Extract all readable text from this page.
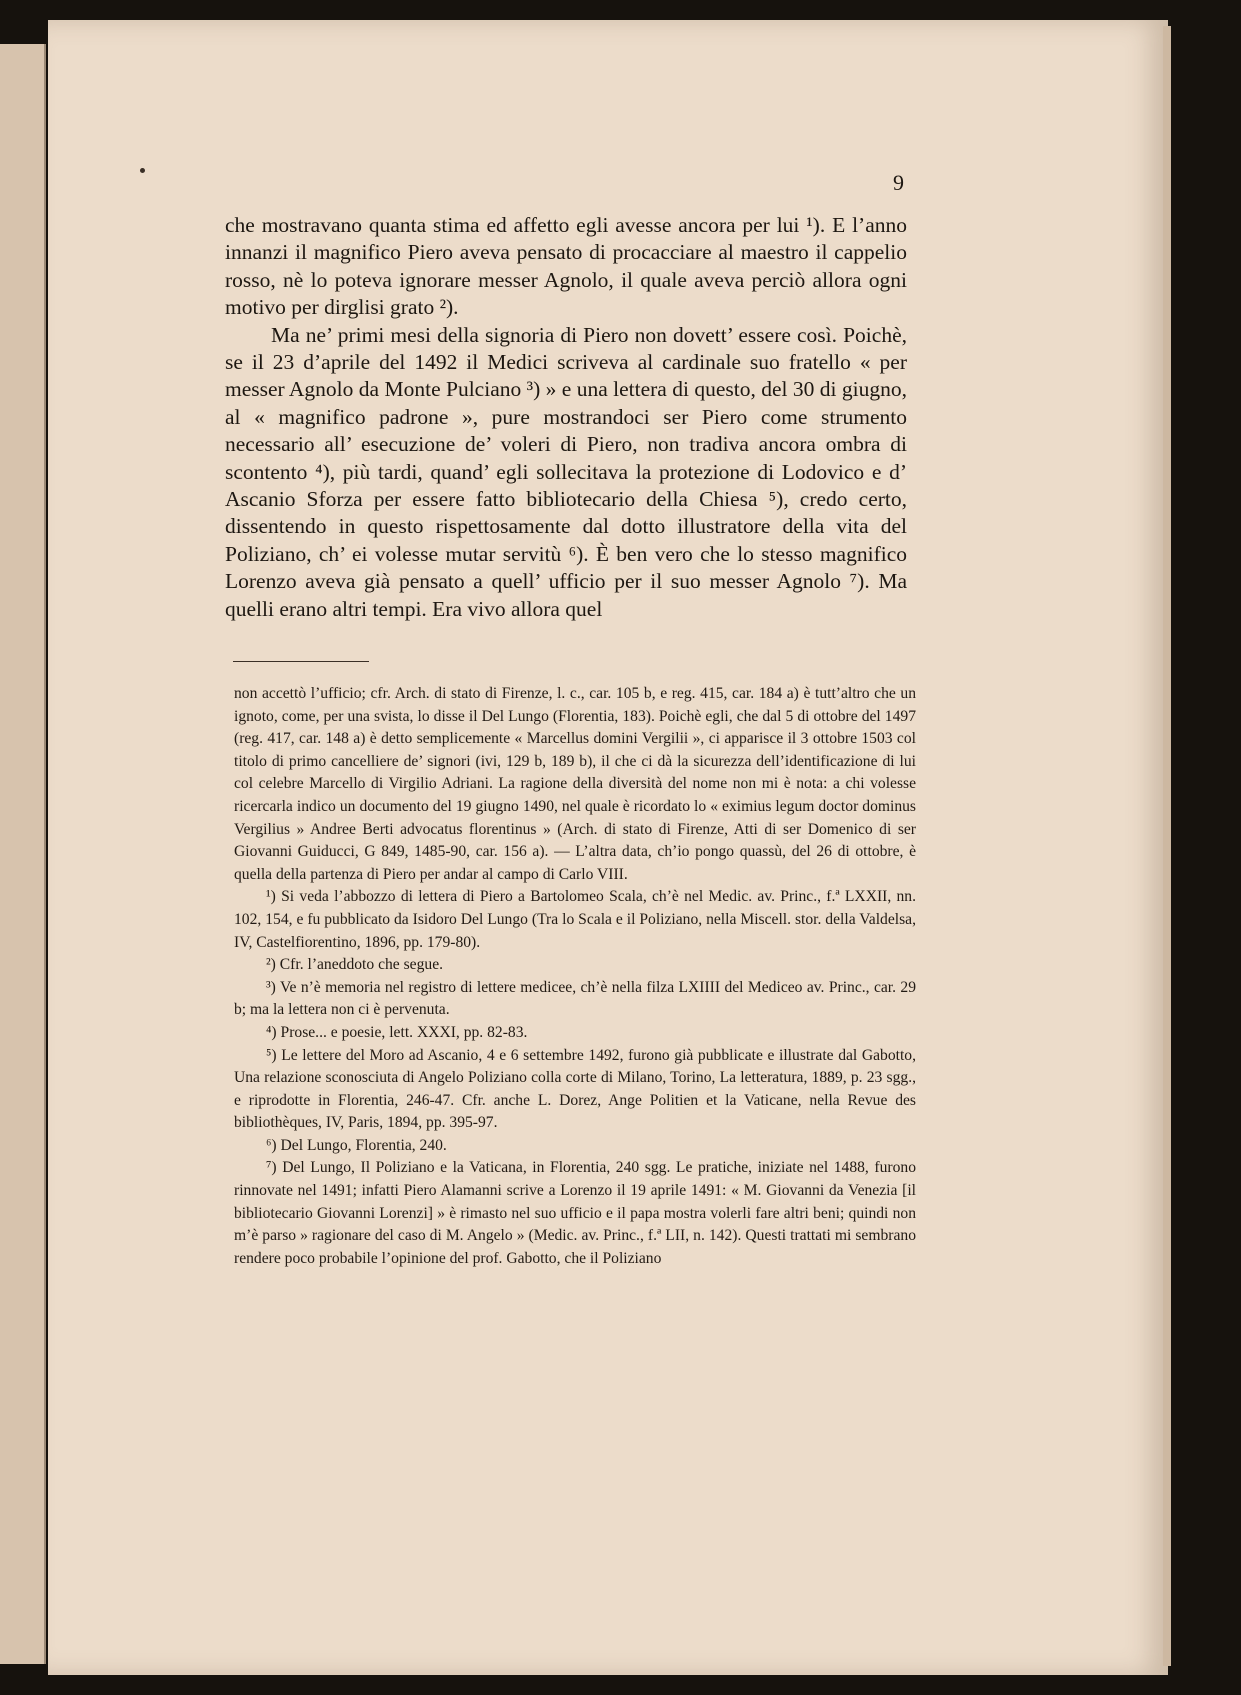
9

che mostravano quanta stima ed affetto egli avesse ancora per lui ¹). E l’anno innanzi il magnifico Piero aveva pensato di procacciare al maestro il cappelio rosso, nè lo poteva ignorare messer Agnolo, il quale aveva perciò allora ogni motivo per dirglisi grato ²).

Ma ne’ primi mesi della signoria di Piero non dovett’ essere così. Poichè, se il 23 d’aprile del 1492 il Medici scriveva al cardinale suo fratello « per messer Agnolo da Monte Pulciano ³) » e una lettera di questo, del 30 di giugno, al « magnifico padrone », pure mostrandoci ser Piero come strumento necessario all’ esecuzione de’ voleri di Piero, non tradiva ancora ombra di scontento ⁴), più tardi, quand’ egli sollecitava la protezione di Lodovico e d’ Ascanio Sforza per essere fatto bibliotecario della Chiesa ⁵), credo certo, dissentendo in questo rispettosamente dal dotto illustratore della vita del Poliziano, ch’ ei volesse mutar servitù ⁶). È ben vero che lo stesso magnifico Lorenzo aveva già pensato a quell’ ufficio per il suo messer Agnolo ⁷). Ma quelli erano altri tempi. Era vivo allora quel

non accettò l’ufficio; cfr. Arch. di stato di Firenze, l. c., car. 105 b, e reg. 415, car. 184 a) è tutt’altro che un ignoto, come, per una svista, lo disse il Del Lungo (Florentia, 183). Poichè egli, che dal 5 di ottobre del 1497 (reg. 417, car. 148 a) è detto semplicemente « Marcellus domini Vergilii », ci apparisce il 3 ottobre 1503 col titolo di primo cancelliere de’ signori (ivi, 129 b, 189 b), il che ci dà la sicurezza dell’identificazione di lui col celebre Marcello di Virgilio Adriani. La ragione della diversità del nome non mi è nota: a chi volesse ricercarla indico un documento del 19 giugno 1490, nel quale è ricordato lo « eximius legum doctor dominus Vergilius » Andree Berti advocatus florentinus » (Arch. di stato di Firenze, Atti di ser Domenico di ser Giovanni Guiducci, G 849, 1485-90, car. 156 a). — L’altra data, ch’io pongo quassù, del 26 di ottobre, è quella della partenza di Piero per andar al campo di Carlo VIII.

¹) Si veda l’abbozzo di lettera di Piero a Bartolomeo Scala, ch’è nel Medic. av. Princ., f.ª LXXII, nn. 102, 154, e fu pubblicato da Isidoro Del Lungo (Tra lo Scala e il Poliziano, nella Miscell. stor. della Valdelsa, IV, Castelfiorentino, 1896, pp. 179-80).

²) Cfr. l’aneddoto che segue.

³) Ve n’è memoria nel registro di lettere medicee, ch’è nella filza LXIIII del Mediceo av. Princ., car. 29 b; ma la lettera non ci è pervenuta.

⁴) Prose... e poesie, lett. XXXI, pp. 82-83.

⁵) Le lettere del Moro ad Ascanio, 4 e 6 settembre 1492, furono già pubblicate e illustrate dal Gabotto, Una relazione sconosciuta di Angelo Poliziano colla corte di Milano, Torino, La letteratura, 1889, p. 23 sgg., e riprodotte in Florentia, 246-47. Cfr. anche L. Dorez, Ange Politien et la Vaticane, nella Revue des bibliothèques, IV, Paris, 1894, pp. 395-97.

⁶) Del Lungo, Florentia, 240.

⁷) Del Lungo, Il Poliziano e la Vaticana, in Florentia, 240 sgg. Le pratiche, iniziate nel 1488, furono rinnovate nel 1491; infatti Piero Alamanni scrive a Lorenzo il 19 aprile 1491: « M. Giovanni da Venezia [il bibliotecario Giovanni Lorenzi] » è rimasto nel suo ufficio e il papa mostra volerli fare altri beni; quindi non m’è parso » ragionare del caso di M. Angelo » (Medic. av. Princ., f.ª LII, n. 142). Questi trattati mi sembrano rendere poco probabile l’opinione del prof. Gabotto, che il Poliziano
